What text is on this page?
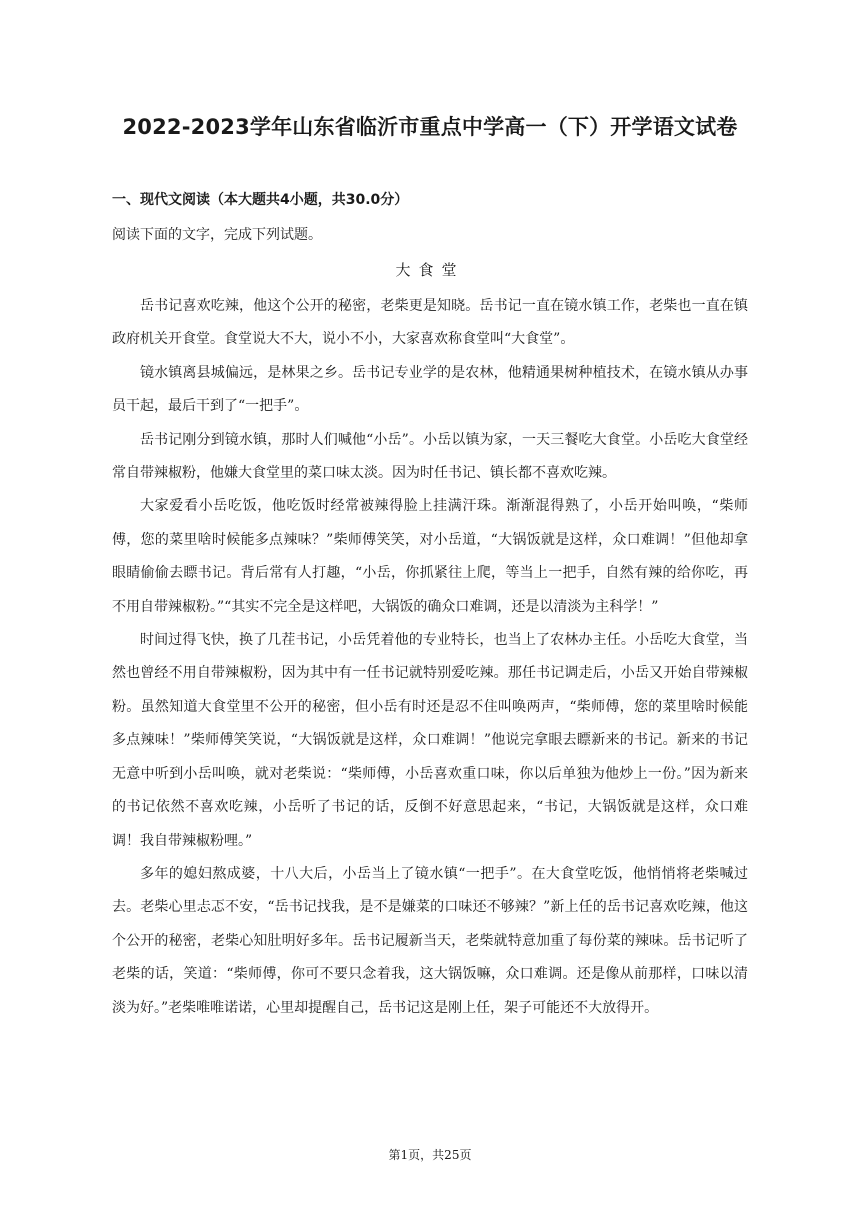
2022-2023学年山东省临沂市重点中学高一（下）开学语文试卷
一、现代文阅读（本大题共4小题，共30.0分）
阅读下面的文字，完成下列试题。
大食堂

岳书记喜欢吃辣，他这个公开的秘密，老柴更是知晓。岳书记一直在镜水镇工作，老柴也一直在镇政府机关开食堂。食堂说大不大，说小不小，大家喜欢称食堂叫“大食堂”。

镜水镇离县城偏远，是林果之乡。岳书记专业学的是农林，他精通果树种植技术，在镜水镇从办事员干起，最后干到了“一把手”。

岳书记刚分到镜水镇，那时人们喊他“小岳”。小岳以镇为家，一天三餐吃大食堂。小岳吃大食堂经常自带辣椒粉，他嫌大食堂里的菜口味太淡。因为时任书记、镇长都不喜欢吃辣。

大家爱看小岳吃饭，他吃饭时经常被辣得脸上挂满汗珠。渐渐混得熟了，小岳开始叫唤，“柴师傅，您的菜里啥时候能多点辣味？”柴师傅笑笑，对小岳道，“大锅饭就是这样，众口难调！”但他却拿眼睛偷偷去瞟书记。背后常有人打趣，“小岳，你抓紧往上爬，等当上一把手，自然有辣的给你吃，再不用自带辣椒粉。”“其实不完全是这样吧，大锅饭的确众口难调，还是以清淡为主科学！”

时间过得飞快，换了几茬书记，小岳凭着他的专业特长，也当上了农林办主任。小岳吃大食堂，当然也曾经不用自带辣椒粉，因为其中有一任书记就特别爱吃辣。那任书记调走后，小岳又开始自带辣椒粉。虽然知道大食堂里不公开的秘密，但小岳有时还是忍不住叫唤两声，“柴师傅，您的菜里啥时候能多点辣味！”柴师傅笑笑说，“大锅饭就是这样，众口难调！”他说完拿眼去瞟新来的书记。新来的书记无意中听到小岳叫唤，就对老柴说：“柴师傅，小岳喜欢重口味，你以后单独为他炒上一份。”因为新来的书记依然不喜欢吃辣，小岳听了书记的话，反倒不好意思起来，“书记，大锅饭就是这样，众口难调！我自带辣椒粉哩。”

多年的媳妇熬成婆，十八大后，小岳当上了镜水镇“一把手”。在大食堂吃饭，他悄悄将老柴喊过去。老柴心里忐忑不安，“岳书记找我，是不是嫌菜的口味还不够辣？”新上任的岳书记喜欢吃辣，他这个公开的秘密，老柴心知肚明好多年。岳书记履新当天，老柴就特意加重了每份菜的辣味。岳书记听了老柴的话，笑道：“柴师傅，你可不要只念着我，这大锅饭嘛，众口难调。还是像从前那样，口味以清淡为好。”老柴唯唯诺诺，心里却提醒自己，岳书记这是刚上任，架子可能还不大放得开。

第1页，共25页
